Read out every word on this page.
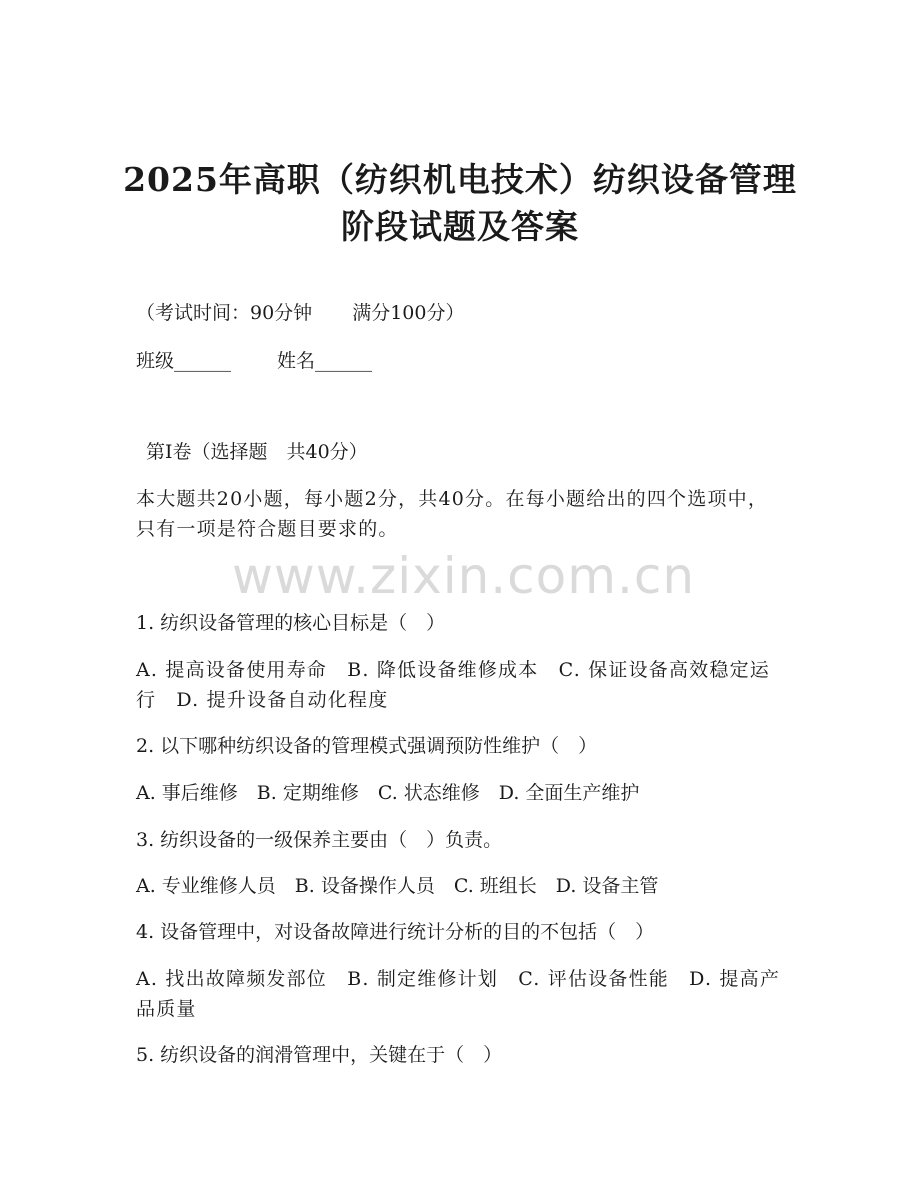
2025年高职（纺织机电技术）纺织设备管理
阶段试题及答案
（考试时间：90分钟 满分100分）
班级______ 姓名______
第Ⅰ卷（选择题　共40分）
本大题共20小题，每小题2分，共40分。在每小题给出的四个选项中，只有一项是符合题目要求的。
www.zixin.com.cn
1. 纺织设备管理的核心目标是（　）
A. 提高设备使用寿命　B. 降低设备维修成本　C. 保证设备高效稳定运行　D. 提升设备自动化程度
2. 以下哪种纺织设备的管理模式强调预防性维护（　）
A. 事后维修　B. 定期维修　C. 状态维修　D. 全面生产维护
3. 纺织设备的一级保养主要由（　）负责。
A. 专业维修人员　B. 设备操作人员　C. 班组长　D. 设备主管
4. 设备管理中，对设备故障进行统计分析的目的不包括（　）
A. 找出故障频发部位　B. 制定维修计划　C. 评估设备性能　D. 提高产品质量
5. 纺织设备的润滑管理中，关键在于（　）
